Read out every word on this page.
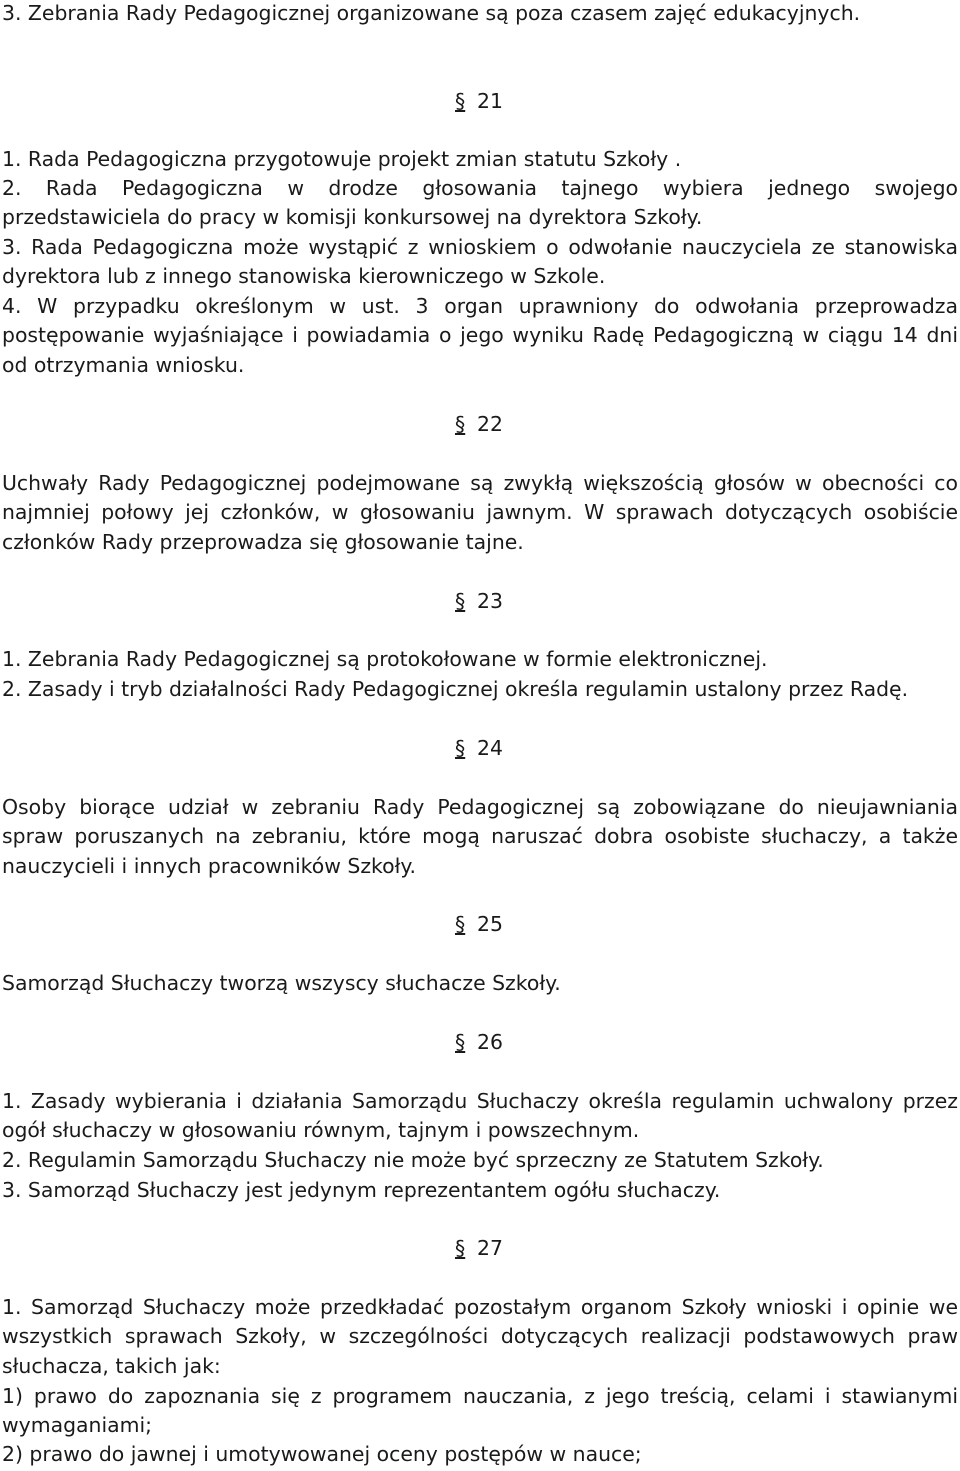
3. Zebrania Rady Pedagogicznej organizowane są poza czasem zajęć edukacyjnych.

§ 21

1. Rada Pedagogiczna przygotowuje projekt zmian statutu Szkoły .

2. Rada Pedagogiczna w drodze głosowania tajnego wybiera jednego swojego przedstawiciela do pracy w komisji konkursowej na dyrektora Szkoły.

3. Rada Pedagogiczna może wystąpić z wnioskiem o odwołanie nauczyciela ze stanowiska dyrektora lub z innego stanowiska kierowniczego w Szkole.

4. W przypadku określonym w ust. 3 organ uprawniony do odwołania przeprowadza postępowanie wyjaśniające i powiadamia o jego wyniku Radę Pedagogiczną w ciągu 14 dni od otrzymania wniosku.

§ 22

Uchwały Rady Pedagogicznej podejmowane są zwykłą większością głosów w obecności co najmniej połowy jej członków, w głosowaniu jawnym. W sprawach dotyczących osobiście członków Rady przeprowadza się głosowanie tajne.

§ 23

1. Zebrania Rady Pedagogicznej są protokołowane w formie elektronicznej.

2. Zasady i tryb działalności Rady Pedagogicznej określa regulamin ustalony przez Radę.

§ 24

Osoby biorące udział w zebraniu Rady Pedagogicznej są zobowiązane do nieujawniania spraw poruszanych na zebraniu, które mogą naruszać dobra osobiste słuchaczy, a także nauczycieli i innych pracowników Szkoły.

§ 25

Samorząd Słuchaczy tworzą wszyscy słuchacze Szkoły.

§ 26

1. Zasady wybierania i działania Samorządu Słuchaczy określa regulamin uchwalony przez ogół słuchaczy w głosowaniu równym, tajnym i powszechnym.

2. Regulamin Samorządu Słuchaczy nie może być sprzeczny ze Statutem Szkoły.

3. Samorząd Słuchaczy jest jedynym reprezentantem ogółu słuchaczy.

§ 27

1. Samorząd Słuchaczy może przedkładać pozostałym organom Szkoły wnioski i opinie we wszystkich sprawach Szkoły, w szczególności dotyczących realizacji podstawowych praw słuchacza, takich jak:

1) prawo do zapoznania się z programem nauczania, z jego treścią, celami i stawianymi wymaganiami;

2) prawo do jawnej i umotywowanej oceny postępów w nauce;
